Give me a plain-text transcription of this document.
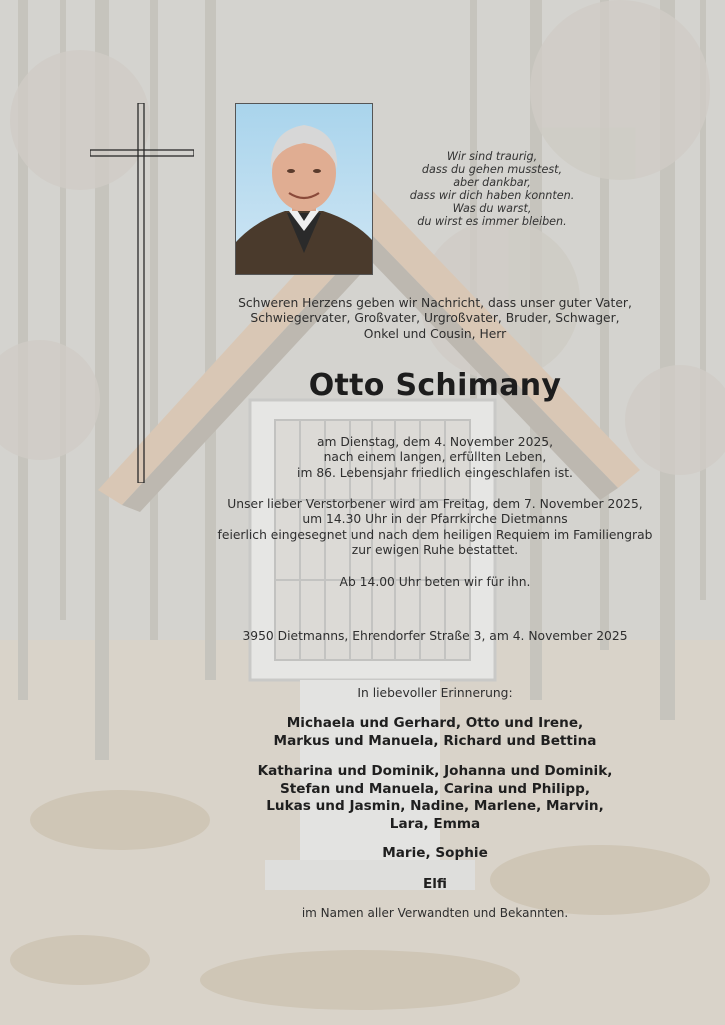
Wir sind traurig,
dass du gehen musstest,
aber dankbar,
dass wir dich haben konnten.
Was du warst,
du wirst es immer bleiben.
Schweren Herzens geben wir Nachricht, dass unser guter Vater,
Schwiegervater, Großvater, Urgroßvater, Bruder, Schwager,
Onkel und Cousin, Herr
Otto Schimany
am Dienstag, dem 4. November 2025,
nach einem langen, erfüllten Leben,
im 86. Lebensjahr friedlich eingeschlafen ist.
Unser lieber Verstorbener wird am Freitag, dem 7. November 2025,
um 14.30 Uhr in der Pfarrkirche Dietmanns
feierlich eingesegnet und nach dem heiligen Requiem im Familiengrab
zur ewigen Ruhe bestattet.
Ab 14.00 Uhr beten wir für ihn.
3950 Dietmanns, Ehrendorfer Straße 3, am 4. November 2025
In liebevoller Erinnerung:
Michaela und Gerhard, Otto und Irene,
Markus und Manuela, Richard und Bettina
Katharina und Dominik, Johanna und Dominik,
Stefan und Manuela, Carina und Philipp,
Lukas und Jasmin, Nadine, Marlene, Marvin,
Lara, Emma
Marie, Sophie
Elfi
im Namen aller Verwandten und Bekannten.
